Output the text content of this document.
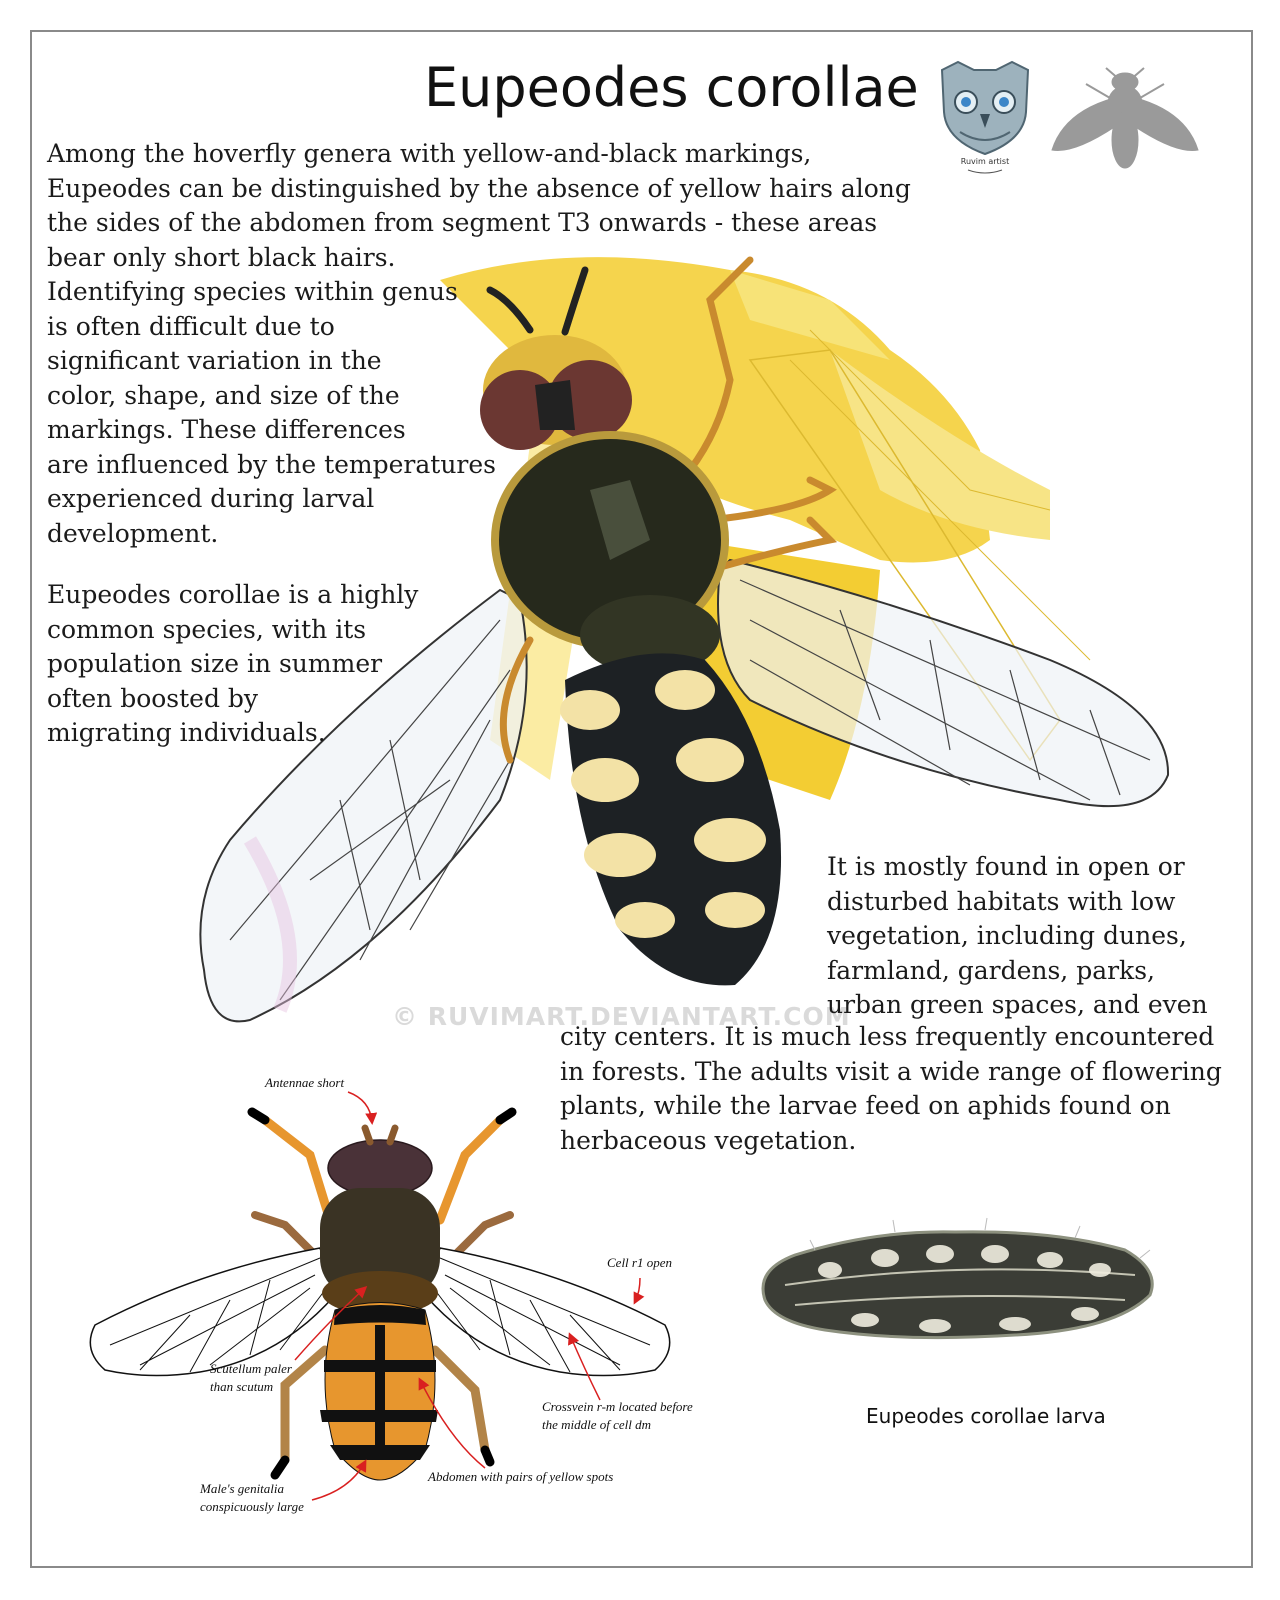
Eupeodes corollae
Ruvim artist
© RUVIMART.DEVIANTART.COM

Among the hoverfly genera with yellow-and-black markings,
Eupeodes can be distinguished by the absence of yellow hairs along
the sides of the abdomen from segment T3 onwards - these areas
bear only short black hairs.
Identifying species within genus
is often difficult due to
significant variation in the
color, shape, and size of the
markings. These differences
are influenced by the temperatures
experienced during larval
development.

Eupeodes corollae is a highly
common species, with its
population size in summer
often boosted by
migrating individuals.

It is mostly found in open or
disturbed habitats with low
vegetation, including dunes,
farmland, gardens, parks,
urban green spaces, and even

city centers. It is much less frequently encountered
in forests. The adults visit a wide range of flowering
plants, while the larvae feed on aphids found on
herbaceous vegetation.

Antennae short
Cell r1 open
Scutellum paler
than scutum
Crossvein r-m located before
the middle of cell dm
Abdomen with pairs of yellow spots
Male's genitalia
conspicuously large
Eupeodes corollae larva
